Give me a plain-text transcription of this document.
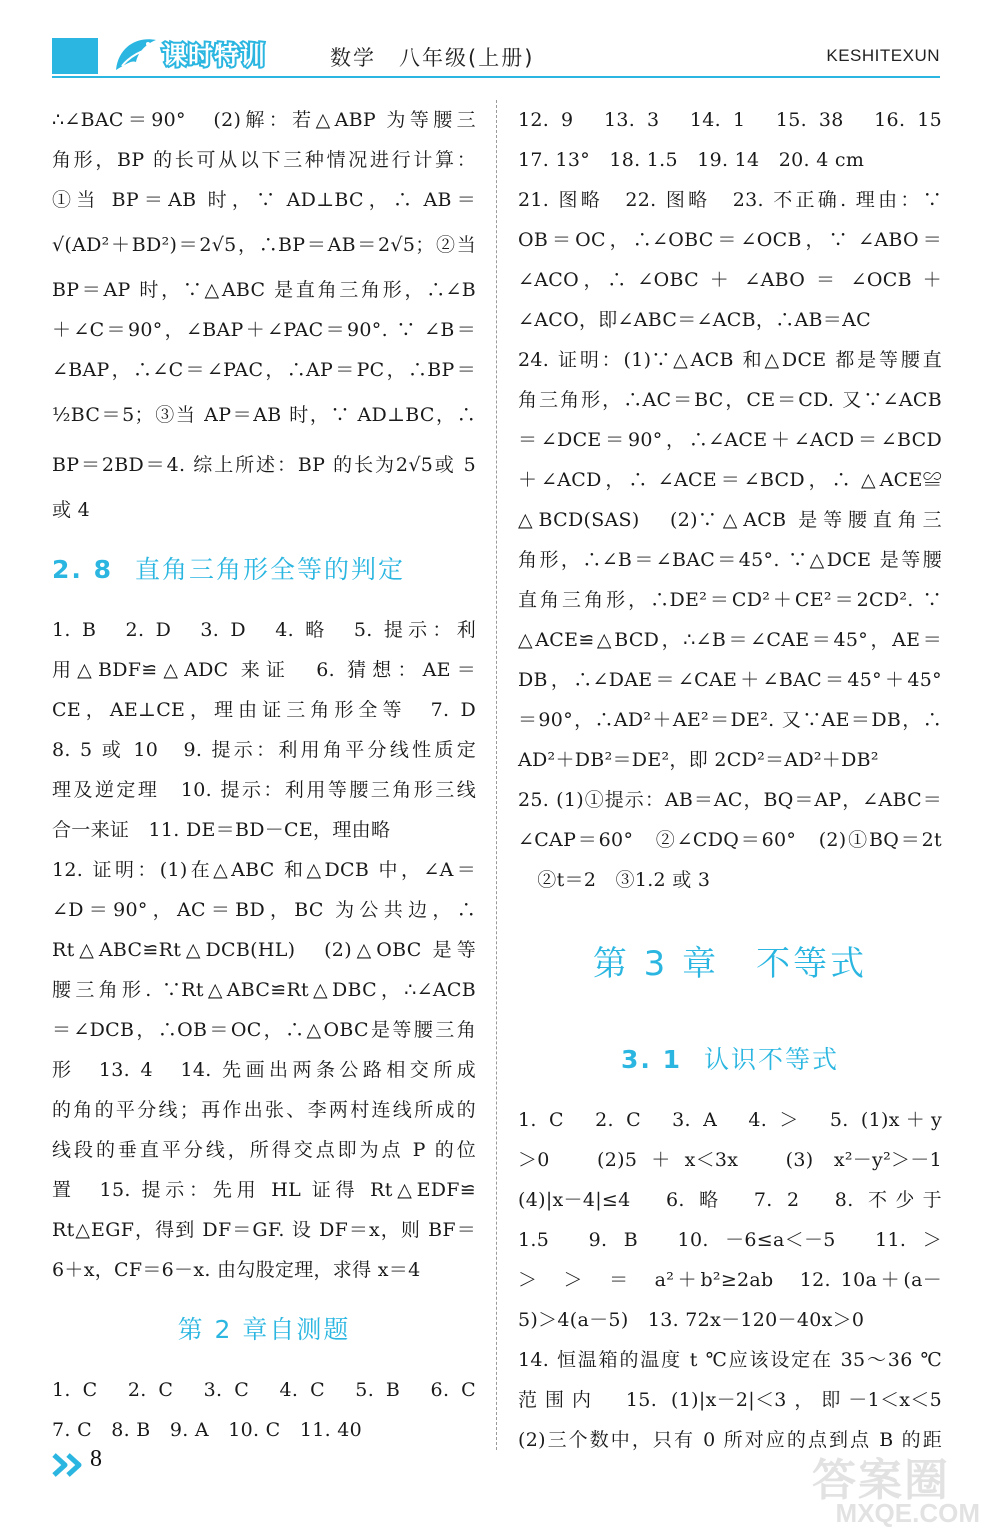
课时特训	数学　八年级(上册)	KESHITEXUN
∴∠BAC＝90°　(2)解：若△ABP 为等腰三
角形，BP 的长可从以下三种情况进行计算：
①当 BP＝AB 时，∵ AD⊥BC，∴ AB＝
√(AD²＋BD²)＝2√5，∴BP＝AB＝2√5；②当
BP＝AP 时，∵△ABC 是直角三角形，∴∠B
＋∠C＝90°，∠BAP＋∠PAC＝90°. ∵ ∠B＝
∠BAP，∴∠C＝∠PAC，∴AP＝PC，∴BP＝
½BC＝5；③当 AP＝AB 时，∵ AD⊥BC，∴
BP＝2BD＝4. 综上所述：BP 的长为2√5或 5
或 4
2. 8 直角三角形全等的判定
1. B　2. D　3. D　4. 略　5. 提示：利
用△BDF≌△ADC 来证　6. 猜想：AE＝
CE，AE⊥CE，理由证三角形全等　7. D
8. 5 或 10　9. 提示：利用角平分线性质定
理及逆定理　10. 提示：利用等腰三角形三线
合一来证　11. DE＝BD－CE，理由略
12. 证明：(1)在△ABC 和△DCB 中，∠A＝
∠D＝90°，AC＝BD，BC 为公共边，∴
Rt△ABC≌Rt△DCB(HL)　(2)△OBC 是等
腰三角形. ∵Rt△ABC≌Rt△DBC，∴∠ACB
＝∠DCB，∴OB＝OC，∴△OBC是等腰三角
形　13. 4　14. 先画出两条公路相交所成
的角的平分线；再作出张、李两村连线所成的
线段的垂直平分线，所得交点即为点 P 的位
置　15. 提示：先用 HL 证得 Rt△EDF≌
Rt△EGF，得到 DF＝GF. 设 DF＝x，则 BF＝
6＋x，CF＝6－x. 由勾股定理，求得 x＝4
第 2 章自测题
1. C　2. C　3. C　4. C　5. B　6. C
7. C　8. B　9. A　10. C　11. 40
12. 9　13. 3　14. 1　15. 38　16. 15
17. 13°　18. 1.5　19. 14　20. 4 cm
21. 图略　22. 图略　23. 不正确. 理由：∵
OB＝OC，∴∠OBC＝∠OCB，∵ ∠ABO＝
∠ACO，∴ ∠OBC ＋ ∠ABO ＝ ∠OCB ＋
∠ACO，即∠ABC＝∠ACB，∴AB＝AC
24. 证明：(1)∵△ACB 和△DCE 都是等腰直
角三角形，∴AC＝BC，CE＝CD. 又∵∠ACB
＝∠DCE＝90°，∴∠ACE＋∠ACD＝∠BCD
＋∠ACD，∴ ∠ACE＝∠BCD，∴ △ACE≌
△BCD(SAS)　(2)∵△ACB 是等腰直角三
角形，∴∠B＝∠BAC＝45°. ∵△DCE 是等腰
直角三角形，∴DE²＝CD²＋CE²＝2CD². ∵
△ACE≌△BCD，∴∠B＝∠CAE＝45°，AE＝
DB，∴∠DAE＝∠CAE＋∠BAC＝45°＋45°
＝90°，∴AD²＋AE²＝DE². 又∵AE＝DB，∴
AD²＋DB²＝DE²，即 2CD²＝AD²＋DB²
25. (1)①提示：AB＝AC，BQ＝AP，∠ABC＝
∠CAP＝60°　②∠CDQ＝60°　(2)①BQ＝2t
　②t＝2　③1.2 或 3
第 3 章　不等式
3. 1 认识不等式
1. C　2. C　3. A　4. ＞　5. (1)x＋y
＞0　(2)5＋x＜3x　(3) x²－y²＞－1
(4)|x－4|≤4　6. 略　7. 2　8. 不少于
1.5　9. B　10. －6≤a＜－5　11. ＞
＞　＞　＝　a²＋b²≥2ab　12. 10a＋(a－
5)＞4(a－5)　13. 72x－120－40x＞0
14. 恒温箱的温度 t ℃应该设定在 35～36 ℃
范围内　15. (1)|x－2|＜3，即－1＜x＜5
(2)三个数中，只有 0 所对应的点到点 B 的距
8	答案圈
MXQE.COM
